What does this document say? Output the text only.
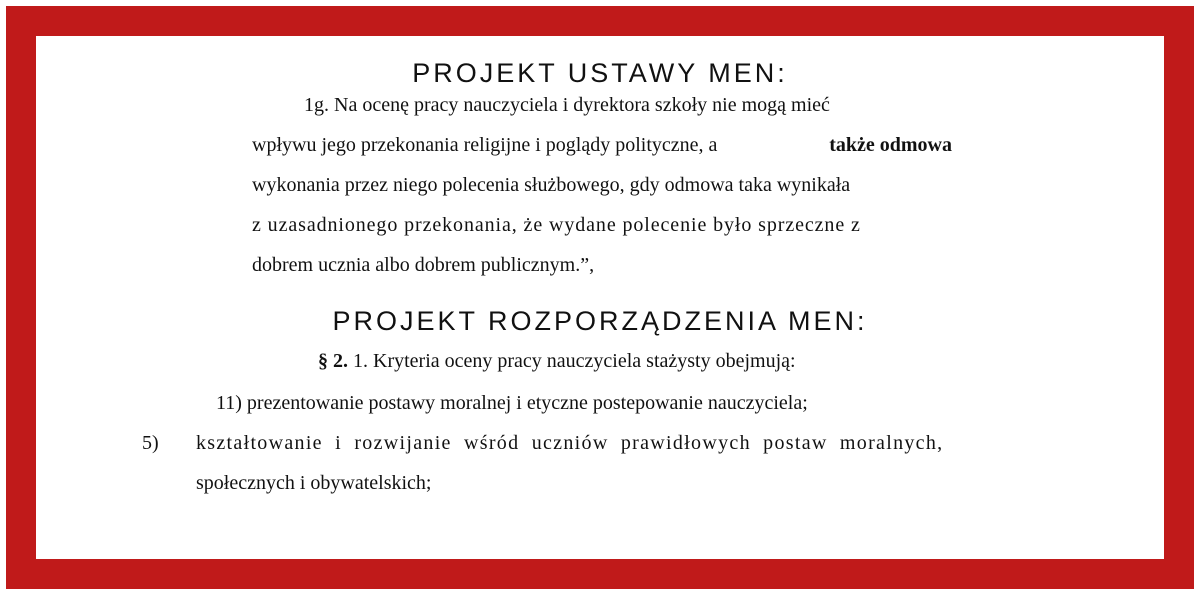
PROJEKT USTAWY MEN:
1g. Na ocenę pracy nauczyciela i dyrektora szkoły nie mogą mieć
wpływu jego przekonania religijne i poglądy polityczne, a	także odmowa
wykonania przez niego polecenia służbowego, gdy odmowa taka wynikała
z uzasadnionego przekonania, że wydane polecenie było sprzeczne z
dobrem ucznia albo dobrem publicznym.”,
PROJEKT ROZPORZĄDZENIA MEN:
§ 2. 1. Kryteria oceny pracy nauczyciela stażysty obejmują:
11) prezentowanie postawy moralnej i etyczne postepowanie nauczyciela;
5) kształtowanie i rozwijanie wśród uczniów prawidłowych postaw moralnych,
społecznych i obywatelskich;
